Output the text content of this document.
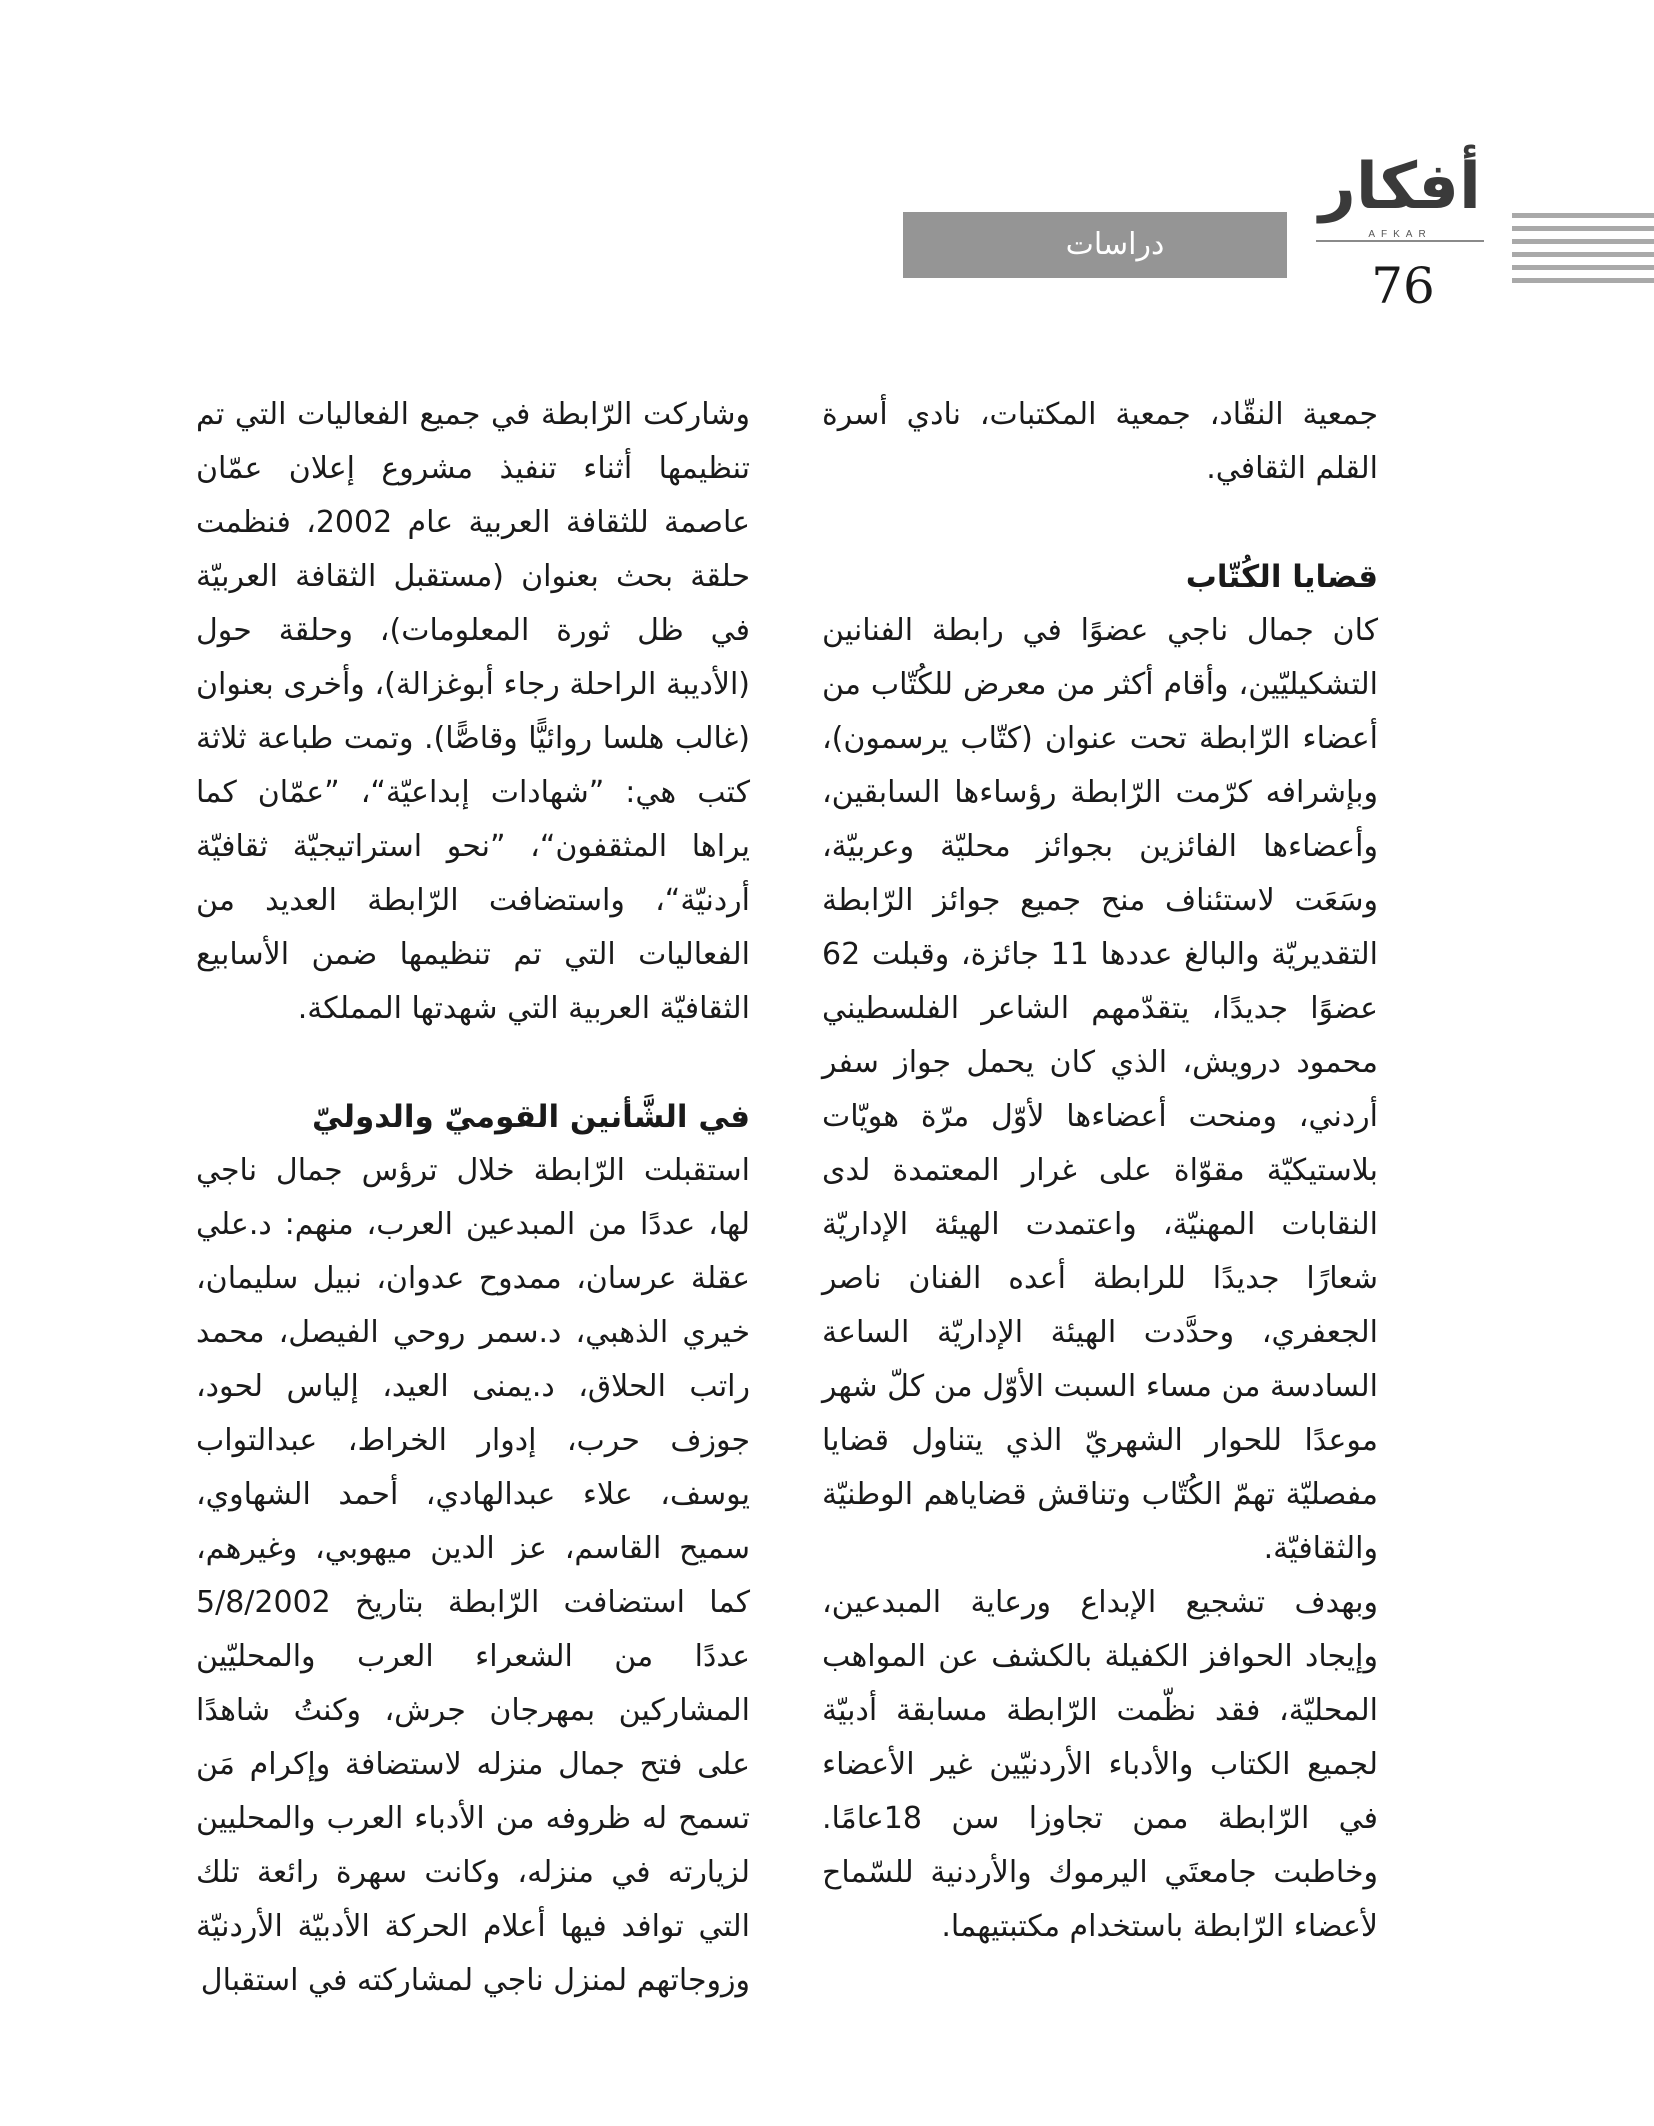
أفكار
AFKAR
دراسات
76

جمعية النقّاد، جمعية المكتبات، نادي أسرة القلم الثقافي.

قضايا الكُتّاب

كان جمال ناجي عضوًا في رابطة الفنانين التشكيليّين، وأقام أكثر من معرض للكُتّاب من أعضاء الرّابطة تحت عنوان (كتّاب يرسمون)، وبإشرافه كرّمت الرّابطة رؤساءها السابقين، وأعضاءها الفائزين بجوائز محليّة وعربيّة، وسَعَت لاستئناف منح جميع جوائز الرّابطة التقديريّة والبالغ عددها 11 جائزة، وقبلت 62 عضوًا جديدًا، يتقدّمهم الشاعر الفلسطيني محمود درويش، الذي كان يحمل جواز سفر أردني، ومنحت أعضاءها لأوّل مرّة هويّات بلاستيكيّة مقوّاة على غرار المعتمدة لدى النقابات المهنيّة، واعتمدت الهيئة الإداريّة شعارًا جديدًا للرابطة أعده الفنان ناصر الجعفري، وحدَّدت الهيئة الإداريّة الساعة السادسة من مساء السبت الأوّل من كلّ شهر موعدًا للحوار الشهريّ الذي يتناول قضايا مفصليّة تهمّ الكُتّاب وتناقش قضاياهم الوطنيّة والثقافيّة.

وبهدف تشجيع الإبداع ورعاية المبدعين، وإيجاد الحوافز الكفيلة بالكشف عن المواهب المحليّة، فقد نظّمت الرّابطة مسابقة أدبيّة لجميع الكتاب والأدباء الأردنيّين غير الأعضاء في الرّابطة ممن تجاوزا سن 18عامًا. وخاطبت جامعتَي اليرموك والأردنية للسّماح لأعضاء الرّابطة باستخدام مكتبتيهما.

وشاركت الرّابطة في جميع الفعاليات التي تم تنظيمها أثناء تنفيذ مشروع إعلان عمّان عاصمة للثقافة العربية عام 2002، فنظمت حلقة بحث بعنوان (مستقبل الثقافة العربيّة في ظل ثورة المعلومات)، وحلقة حول (الأديبة الراحلة رجاء أبوغزالة)، وأخرى بعنوان (غالب هلسا روائيًّا وقاصًّا). وتمت طباعة ثلاثة كتب هي: ”شهادات إبداعيّة“، ”عمّان كما يراها المثقفون“، ”نحو استراتيجيّة ثقافيّة أردنيّة“، واستضافت الرّابطة العديد من الفعاليات التي تم تنظيمها ضمن الأسابيع الثقافيّة العربية التي شهدتها المملكة.

في الشَّأنين القوميّ والدوليّ

استقبلت الرّابطة خلال ترؤس جمال ناجي لها، عددًا من المبدعين العرب، منهم: د.علي عقلة عرسان، ممدوح عدوان، نبيل سليمان، خيري الذهبي، د.سمر روحي الفيصل، محمد راتب الحلاق، د.يمنى العيد، إلياس لحود، جوزف حرب، إدوار الخراط، عبدالتواب يوسف، علاء عبدالهادي، أحمد الشهاوي، سميح القاسم، عز الدين ميهوبي، وغيرهم، كما استضافت الرّابطة بتاريخ 5/8/2002 عددًا من الشعراء العرب والمحليّين المشاركين بمهرجان جرش، وكنتُ شاهدًا على فتح جمال منزله لاستضافة وإكرام مَن تسمح له ظروفه من الأدباء العرب والمحليين لزيارته في منزله، وكانت سهرة رائعة تلك التي توافد فيها أعلام الحركة الأدبيّة الأردنيّة وزوجاتهم لمنزل ناجي لمشاركته في استقبال
